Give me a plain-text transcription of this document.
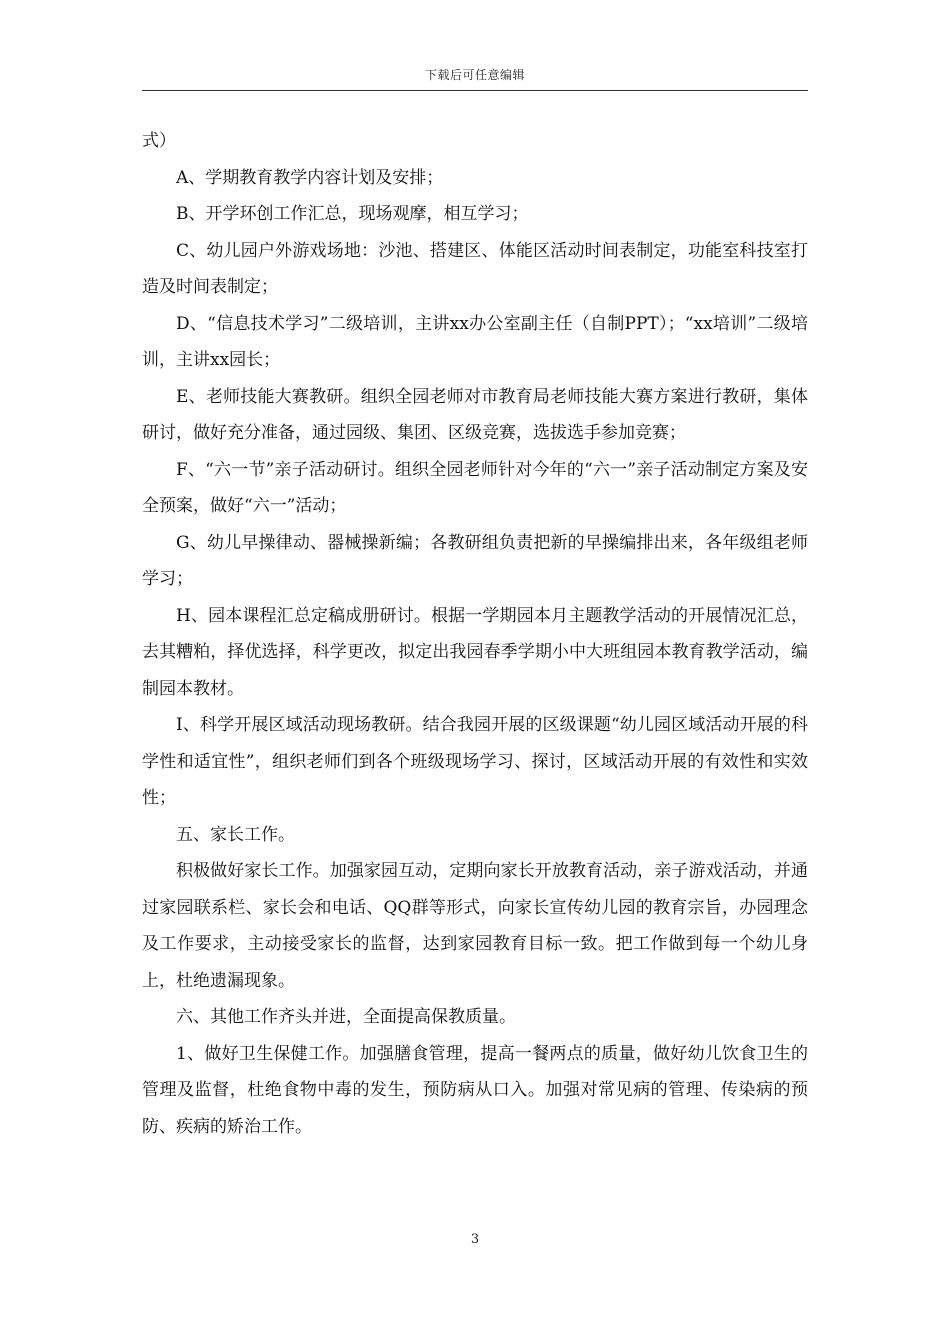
下载后可任意编辑

式）

A、学期教育教学内容计划及安排；

B、开学环创工作汇总，现场观摩，相互学习；

C、幼儿园户外游戏场地：沙池、搭建区、体能区活动时间表制定，功能室科技室打造及时间表制定；

D、“信息技术学习”二级培训，主讲xx办公室副主任（自制PPT）；“xx培训”二级培训，主讲xx园长；

E、老师技能大赛教研。组织全园老师对市教育局老师技能大赛方案进行教研，集体研讨，做好充分准备，通过园级、集团、区级竞赛，选拔选手参加竞赛；

F、“六一节”亲子活动研讨。组织全园老师针对今年的“六一”亲子活动制定方案及安全预案，做好“六一”活动；

G、幼儿早操律动、器械操新编；各教研组负责把新的早操编排出来，各年级组老师学习；

H、园本课程汇总定稿成册研讨。根据一学期园本月主题教学活动的开展情况汇总，去其糟粕，择优选择，科学更改，拟定出我园春季学期小中大班组园本教育教学活动，编制园本教材。

I、科学开展区域活动现场教研。结合我园开展的区级课题“幼儿园区域活动开展的科学性和适宜性”，组织老师们到各个班级现场学习、探讨，区域活动开展的有效性和实效性；

五、家长工作。

积极做好家长工作。加强家园互动，定期向家长开放教育活动，亲子游戏活动，并通过家园联系栏、家长会和电话、QQ群等形式，向家长宣传幼儿园的教育宗旨，办园理念及工作要求，主动接受家长的监督，达到家园教育目标一致。把工作做到每一个幼儿身上，杜绝遗漏现象。

六、其他工作齐头并进，全面提高保教质量。

1、做好卫生保健工作。加强膳食管理，提高一餐两点的质量，做好幼儿饮食卫生的管理及监督，杜绝食物中毒的发生，预防病从口入。加强对常见病的管理、传染病的预防、疾病的矫治工作。

3
